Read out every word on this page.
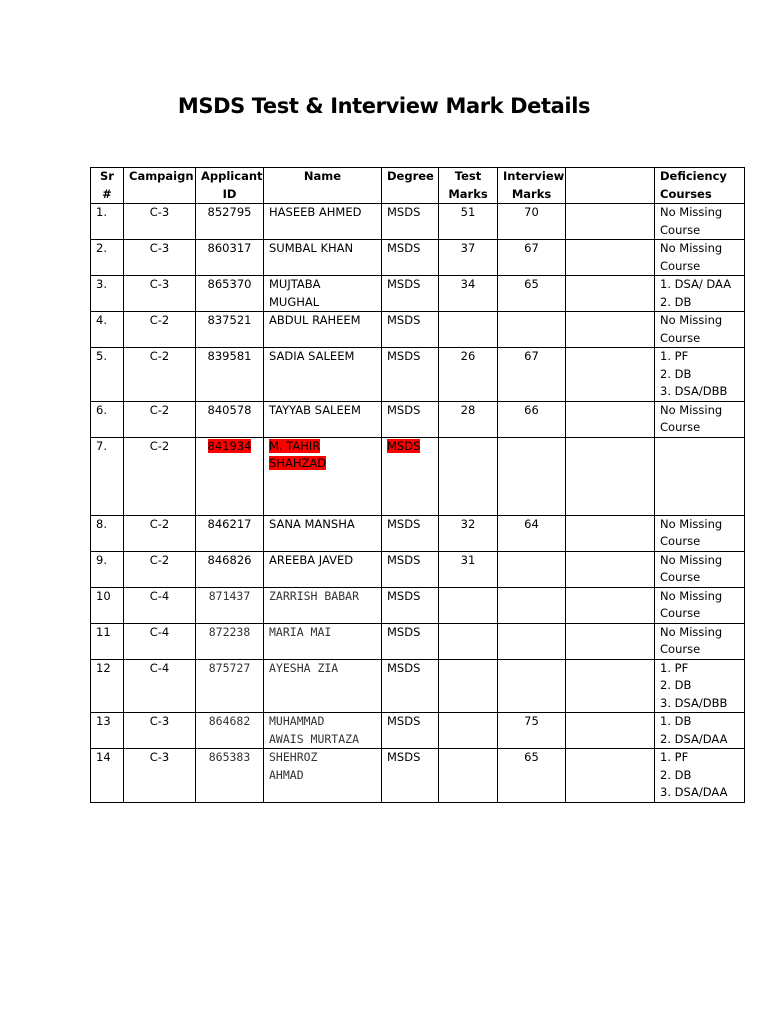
MSDS Test & Interview Mark Details
Sr
#	Campaign	Applicant
ID	Name	Degree	Test
Marks	Interview
Marks		Deficiency
Courses
1.	C-3	852795	HASEEB AHMED	MSDS	51	70		No Missing
Course
2.	C-3	860317	SUMBAL KHAN	MSDS	37	67		No Missing
Course
3.	C-3	865370	MUJTABA
MUGHAL	MSDS	34	65		1. DSA/ DAA
2. DB
4.	C-2	837521	ABDUL RAHEEM	MSDS				No Missing
Course
5.	C-2	839581	SADIA SALEEM	MSDS	26	67		1. PF
2. DB
3. DSA/DBB
6.	C-2	840578	TAYYAB SALEEM	MSDS	28	66		No Missing
Course
7.	C-2	841934	M. TAHIR
SHAHZAD	MSDS				
8.	C-2	846217	SANA MANSHA	MSDS	32	64		No Missing
Course
9.	C-2	846826	AREEBA JAVED	MSDS	31			No Missing
Course
10	C-4	871437	ZARRISH BABAR	MSDS				No Missing
Course
11	C-4	872238	MARIA MAI	MSDS				No Missing
Course
12	C-4	875727	AYESHA ZIA	MSDS				1. PF
2. DB
3. DSA/DBB
13	C-3	864682	MUHAMMAD
AWAIS MURTAZA	MSDS		75		1. DB
2. DSA/DAA
14	C-3	865383	SHEHROZ
AHMAD	MSDS		65		1. PF
2. DB
3. DSA/DAA
